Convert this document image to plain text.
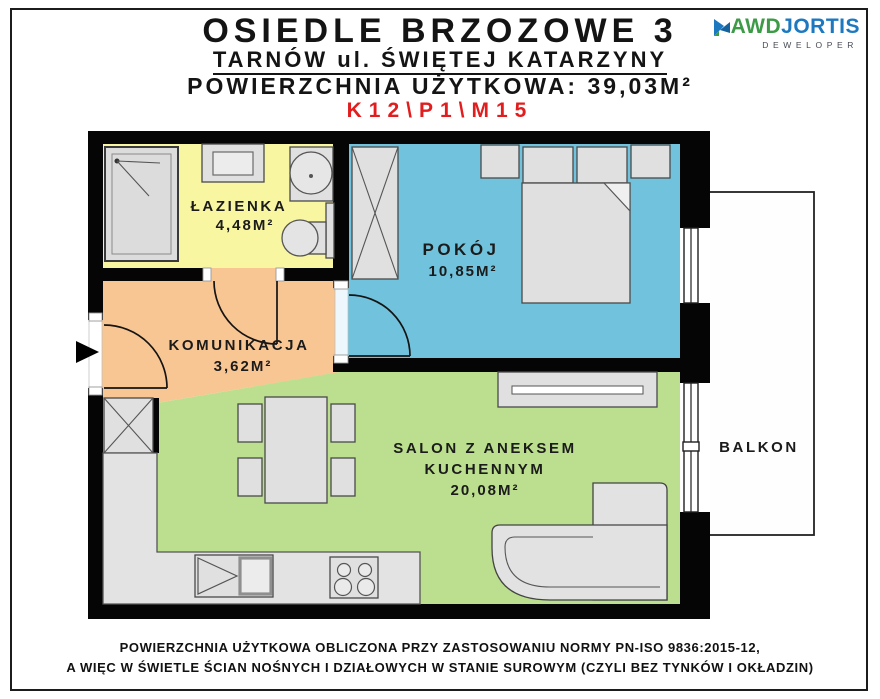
OSIEDLE BRZOZOWE 3
TARNÓW ul. ŚWIĘTEJ KATARZYNY
POWIERZCHNIA UŻYTKOWA: 39,03M²
K12\P1\M15
AWDJORTIS
DEWELOPER
ŁAZIENKA
4,48M²
POKÓJ
10,85M²
KOMUNIKACJA
3,62M²
SALON Z ANEKSEM
KUCHENNYM
20,08M²
BALKON
POWIERZCHNIA UŻYTKOWA OBLICZONA PRZY ZASTOSOWANIU NORMY PN-ISO 9836:2015-12,
A WIĘC W ŚWIETLE ŚCIAN NOŚNYCH I DZIAŁOWYCH W STANIE SUROWYM (CZYLI BEZ TYNKÓW I OKŁADZIN)
